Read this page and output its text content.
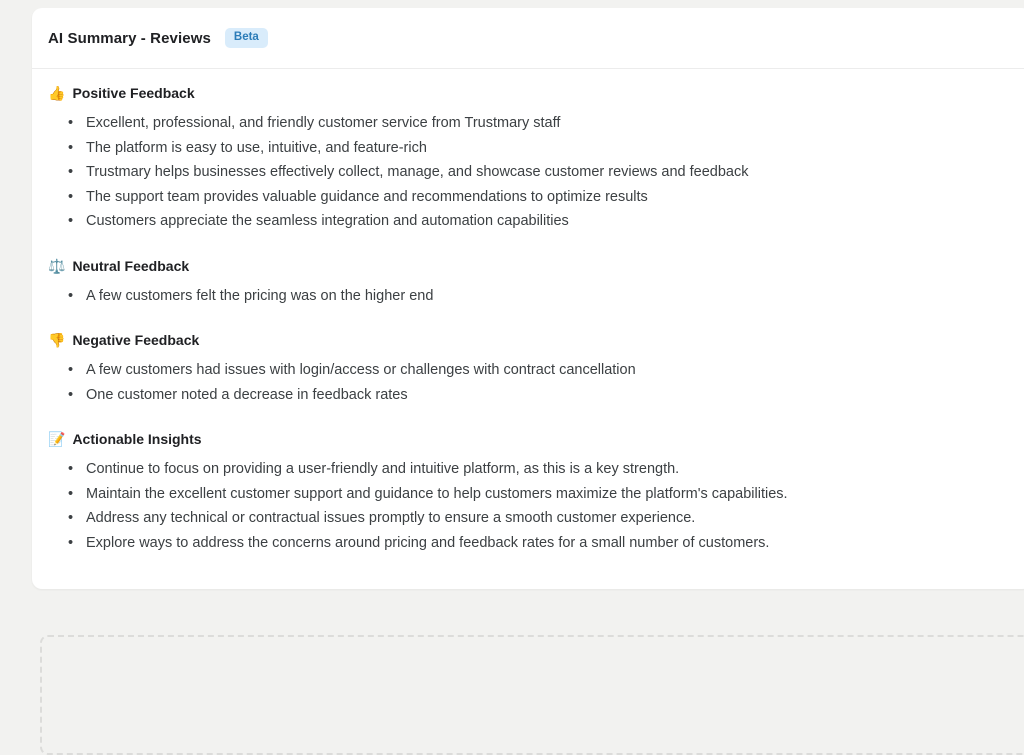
AI Summary - Reviews	Beta
👍 Positive Feedback
• Excellent, professional, and friendly customer service from Trustmary staff
• The platform is easy to use, intuitive, and feature-rich
• Trustmary helps businesses effectively collect, manage, and showcase customer reviews and feedback
• The support team provides valuable guidance and recommendations to optimize results
• Customers appreciate the seamless integration and automation capabilities
⚖️ Neutral Feedback
• A few customers felt the pricing was on the higher end
👎 Negative Feedback
• A few customers had issues with login/access or challenges with contract cancellation
• One customer noted a decrease in feedback rates
📝 Actionable Insights
• Continue to focus on providing a user-friendly and intuitive platform, as this is a key strength.
• Maintain the excellent customer support and guidance to help customers maximize the platform's capabilities.
• Address any technical or contractual issues promptly to ensure a smooth customer experience.
• Explore ways to address the concerns around pricing and feedback rates for a small number of customers.
